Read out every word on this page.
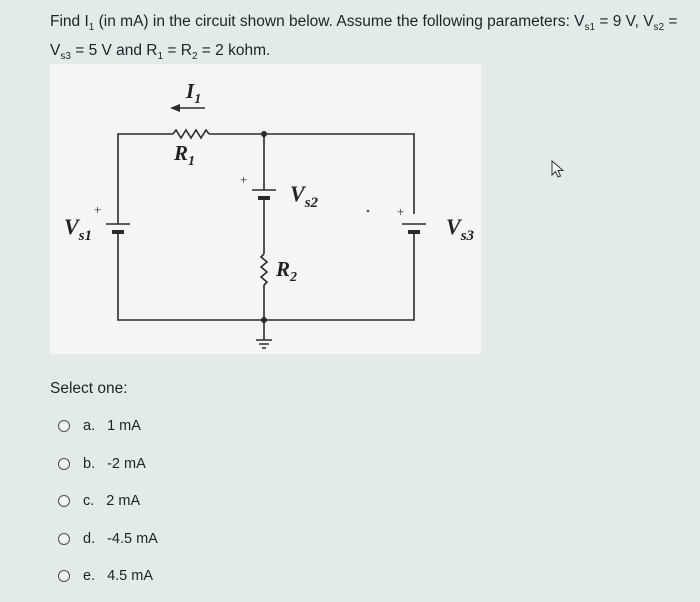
Find $I_1$ (in mA) in the circuit shown below. Assume the following parameters: $V_{s1} = 9$ V, $V_{s2}$ =
$V_{s3} = 5$ V and $R_1 = R_2 = 2$ kohm.
$I_1$
$R_1$
$R_2$
$V_{s1}$
$V_{s2}$
$V_{s3}$
+
+
+
Select one:
a. 1 mA
b. -2 mA
c. 2 mA
d. -4.5 mA
e. 4.5 mA
